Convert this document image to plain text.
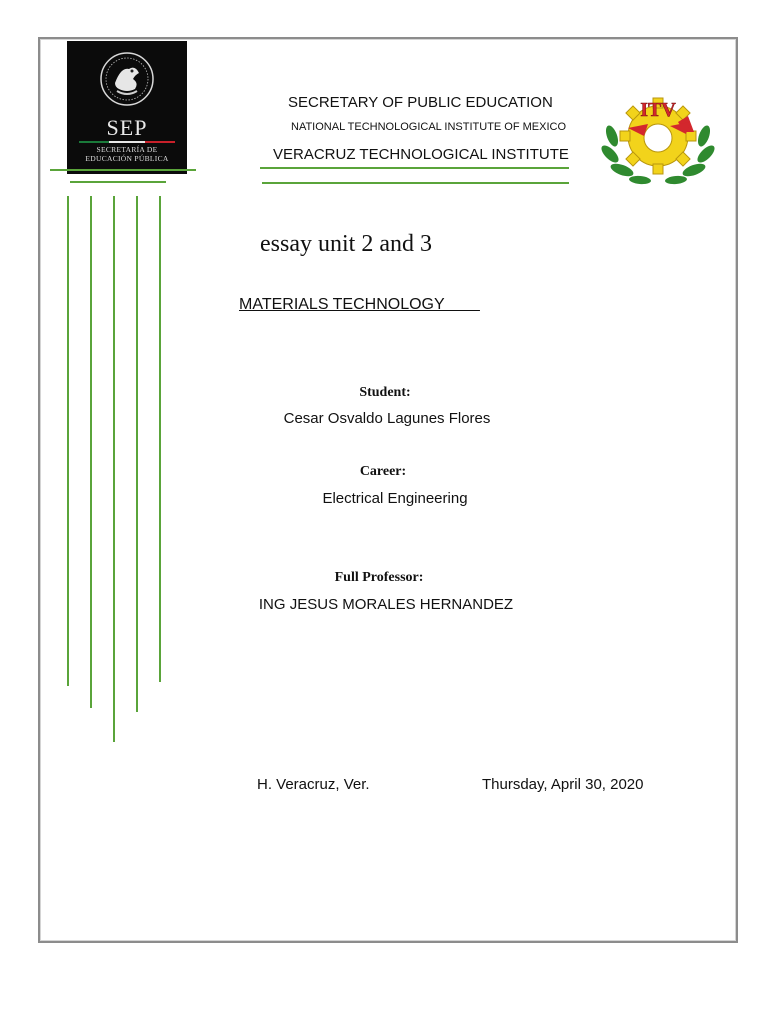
SEP
SECRETARÍA DE
EDUCACIÓN PÚBLICA
SECRETARY OF PUBLIC EDUCATION
NATIONAL TECHNOLOGICAL INSTITUTE OF MEXICO
VERACRUZ TECHNOLOGICAL INSTITUTE
ITV
essay unit 2 and 3
MATERIALS TECHNOLOGY
Student:
Cesar Osvaldo Lagunes Flores
Career:
Electrical Engineering
Full Professor:
ING JESUS MORALES HERNANDEZ
H. Veracruz, Ver.	Thursday, April 30, 2020
